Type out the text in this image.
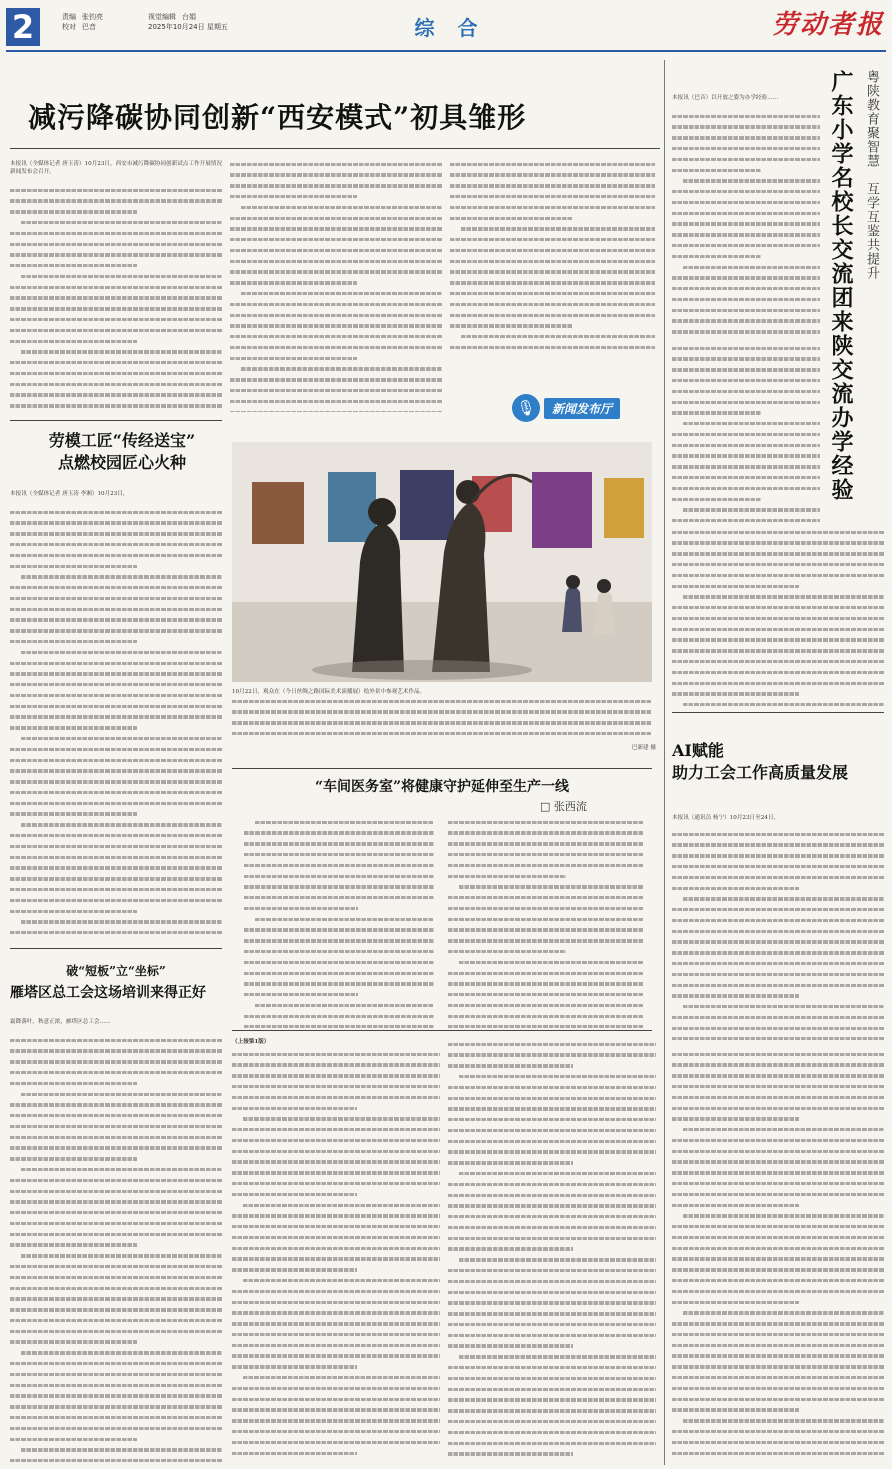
2	责编 张钧亮
校对 巴音
视觉编辑 台娟
2025年10月24日 星期五	综 合	劳动者报
减污降碳协同创新“西安模式”初具雏形
本报讯（全媒体记者 唐玉涛）10月23日，西安市减污降碳协同创新试点工作开展情况新闻发布会召开。
🎙	新闻发布厅
劳模工匠“传经送宝”
点燃校园匠心火种
本报讯（全媒体记者 唐玉涛 李湘）10月23日，
10月22日，观众在（今日丝绸之路国际美术演播展）绘外景中参观艺术作品。
巴新建 摄
“车间医务室”将健康守护延伸至生产一线
□ 张西流
破“短板”立“坐标”
雁塔区总工会这场培训来得正好
霜降落叶，秋意正浓，雁塔区总工会……
（上接第1版）
广东小学名校长交流团来陕交流办学经验 粤陕教育聚智慧　互学互鉴共提升
本报讯（巴音）以开放之姿为办学经验……
AI赋能
助力工会工作高质量发展
本报讯（通讯员 杨宁）10月23日至24日，
